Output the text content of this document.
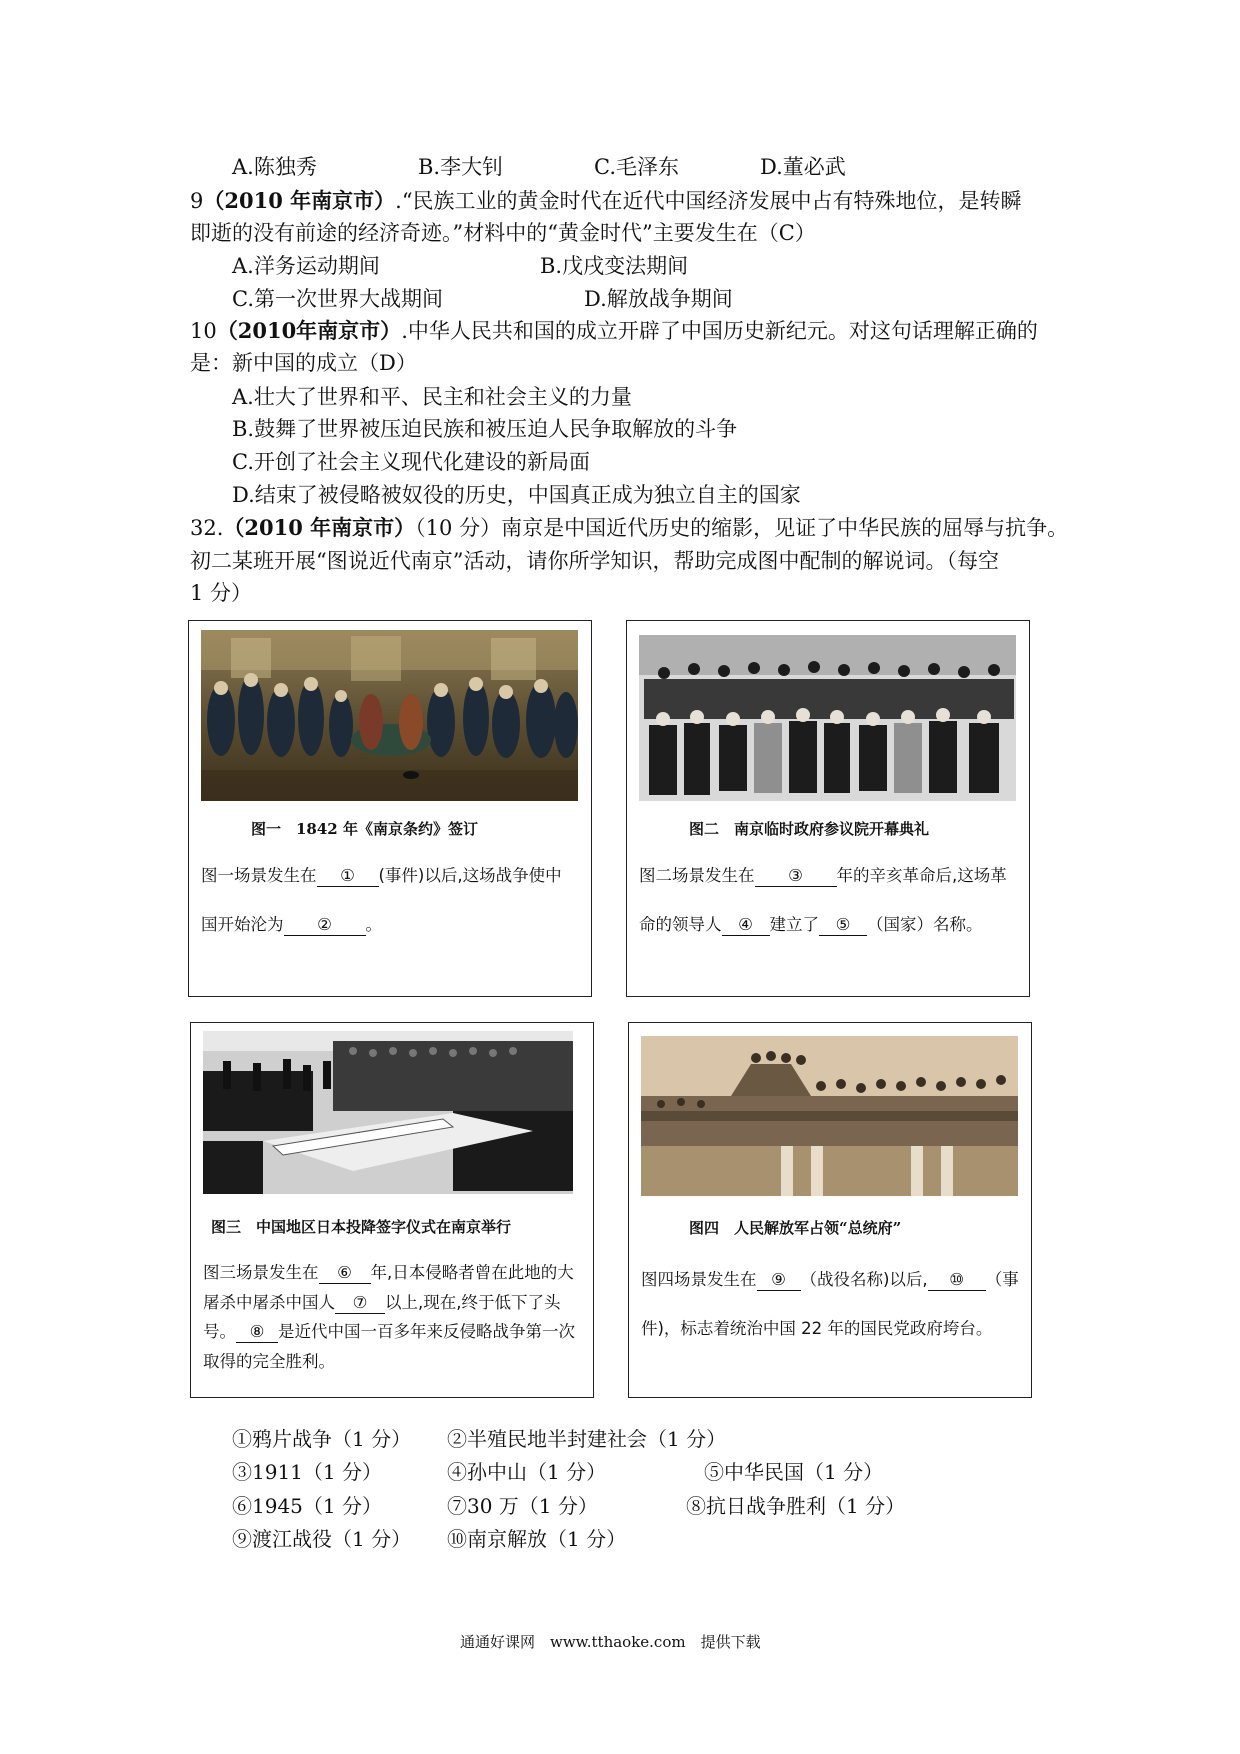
A.陈独秀	B.李大钊	C.毛泽东	D.董必武
9（2010 年南京市）.“民族工业的黄金时代在近代中国经济发展中占有特殊地位，是转瞬
即逝的没有前途的经济奇迹。”材料中的“黄金时代”主要发生在（C）
A.洋务运动期间	B.戊戌变法期间
C.第一次世界大战期间	D.解放战争期间
10（2010年南京市）.中华人民共和国的成立开辟了中国历史新纪元。对这句话理解正确的
是：新中国的成立（D）
A.壮大了世界和平、民主和社会主义的力量
B.鼓舞了世界被压迫民族和被压迫人民争取解放的斗争
C.开创了社会主义现代化建设的新局面
D.结束了被侵略被奴役的历史，中国真正成为独立自主的国家
32.（2010 年南京市）（10 分）南京是中国近代历史的缩影，见证了中华民族的屈辱与抗争。
初二某班开展“图说近代南京”活动，请你所学知识，帮助完成图中配制的解说词。（每空
1 分）
图一　1842 年《南京条约》签订
图一场景发生在 ① (事件)以后,这场战争使中
国开始沦为 ② 。
图二　南京临时政府参议院开幕典礼
图二场景发生在 ③ 年的辛亥革命后,这场革
命的领导人 ④ 建立了 ⑤ （国家）名称。
图三　中国地区日本投降签字仪式在南京举行
图三场景发生在 ⑥ 年,日本侵略者曾在此地的大
屠杀中屠杀中国人 ⑦ 以上,现在,终于低下了头
号。 ⑧ 是近代中国一百多年来反侵略战争第一次
取得的完全胜利。
图四　人民解放军占领“总统府”
图四场景发生在 ⑨ （战役名称)以后, ⑩ （事
件)，标志着统治中国 22 年的国民党政府垮台。
①鸦片战争（1 分） ②半殖民地半封建社会（1 分）
③1911（1 分）	④孙中山（1 分）	⑤中华民国（1 分）
⑥1945（1 分）	⑦30 万（1 分）	⑧抗日战争胜利（1 分）
⑨渡江战役（1 分） ⑩南京解放（1 分）
通通好课网　www.tthaoke.com　提供下载
